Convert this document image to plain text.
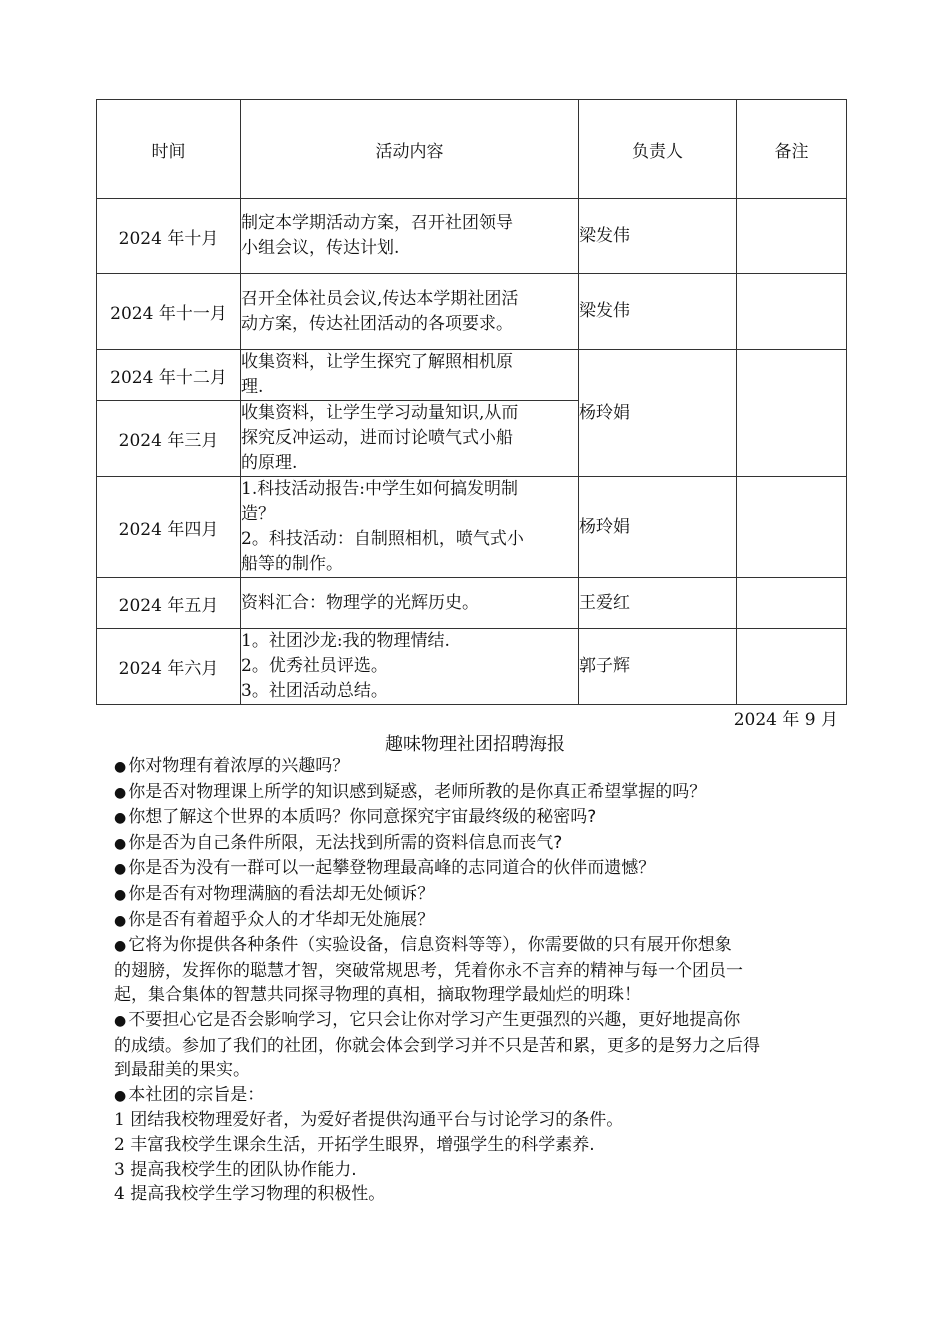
时间	活动内容	负责人	备注
2024 年十月	制定本学期活动方案，召开社团领导
小组会议，传达计划.	梁发伟	
2024 年十一月	召开全体社员会议,传达本学期社团活
动方案，传达社团活动的各项要求。	梁发伟	
2024 年十二月	收集资料，让学生探究了解照相机原
理.	杨玲娟	
2024 年三月	收集资料，让学生学习动量知识,从而
探究反冲运动，进而讨论喷气式小船
的原理.		

2024 年四月	1.科技活动报告:中学生如何搞发明制
造？
2。科技活动：自制照相机，喷气式小
船等的制作。	杨玲娟	
2024 年五月	资料汇合：物理学的光辉历史。	王爱红	
2024 年六月	1。社团沙龙:我的物理情结.
2。优秀社员评选。
3。社团活动总结。	郭子辉	
2024 年 9 月
趣味物理社团招聘海报

● 你对物理有着浓厚的兴趣吗？

● 你是否对物理课上所学的知识感到疑惑，老师所教的是你真正希望掌握的吗？

● 你想了解这个世界的本质吗？你同意探究宇宙最终级的秘密吗?

● 你是否为自己条件所限，无法找到所需的资料信息而丧气?

● 你是否为没有一群可以一起攀登物理最高峰的志同道合的伙伴而遗憾？

● 你是否有对物理满脑的看法却无处倾诉？

● 你是否有着超乎众人的才华却无处施展？

● 它将为你提供各种条件（实验设备，信息资料等等），你需要做的只有展开你想象

的翅膀，发挥你的聪慧才智，突破常规思考，凭着你永不言弃的精神与每一个团员一

起，集合集体的智慧共同探寻物理的真相，摘取物理学最灿烂的明珠！

● 不要担心它是否会影响学习，它只会让你对学习产生更强烈的兴趣，更好地提高你

的成绩。参加了我们的社团，你就会体会到学习并不只是苦和累，更多的是努力之后得

到最甜美的果实。

● 本社团的宗旨是：

1 团结我校物理爱好者，为爱好者提供沟通平台与讨论学习的条件。

2 丰富我校学生课余生活，开拓学生眼界，增强学生的科学素养.

3 提高我校学生的团队协作能力.

4 提高我校学生学习物理的积极性。
